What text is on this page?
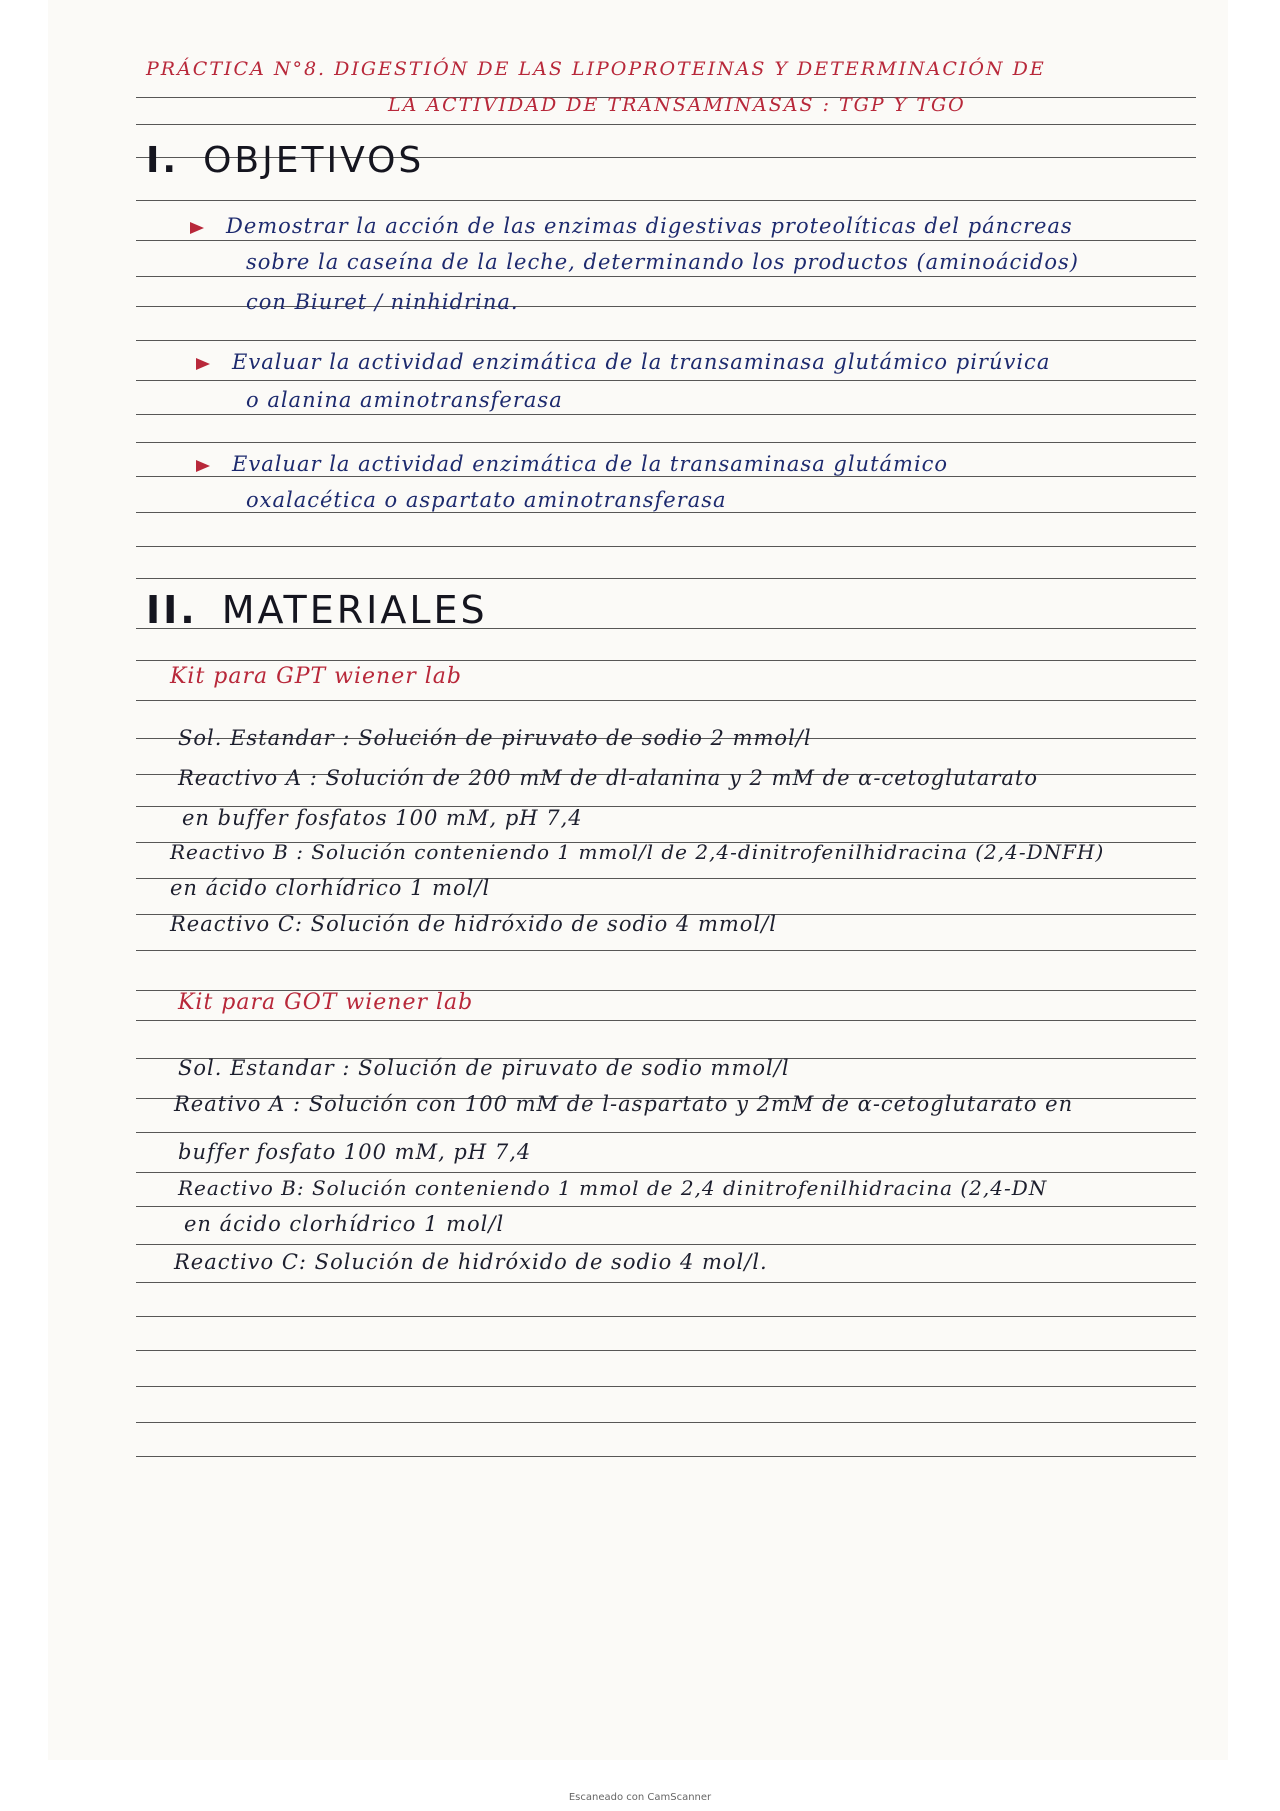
PRÁCTICA N°8. DIGESTIÓN DE LAS LIPOPROTEINAS Y DETERMINACIÓN DE
LA ACTIVIDAD DE TRANSAMINASAS : TGP Y TGO
I. OBJETIVOS
Demostrar la acción de las enzimas digestivas proteolíticas del páncreas
sobre la caseína de la leche, determinando los productos (aminoácidos)
con Biuret / ninhidrina.
Evaluar la actividad enzimática de la transaminasa glutámico pirúvica
o alanina aminotransferasa
Evaluar la actividad enzimática de la transaminasa glutámico
oxalacética o aspartato aminotransferasa
II. MATERIALES
Kit para GPT wiener lab
Sol. Estandar : Solución de piruvato de sodio 2 mmol/l
Reactivo A : Solución de 200 mM de dl-alanina y 2 mM de α-cetoglutarato
en buffer fosfatos 100 mM, pH 7,4
Reactivo B : Solución conteniendo 1 mmol/l de 2,4-dinitrofenilhidracina (2,4-DNFH)
en ácido clorhídrico 1 mol/l
Reactivo C: Solución de hidróxido de sodio 4 mmol/l
Kit para GOT wiener lab
Sol. Estandar : Solución de piruvato de sodio mmol/l
Reativo A : Solución con 100 mM de l-aspartato y 2mM de α-cetoglutarato en
buffer fosfato 100 mM, pH 7,4
Reactivo B: Solución conteniendo 1 mmol de 2,4 dinitrofenilhidracina (2,4-DN
en ácido clorhídrico 1 mol/l
Reactivo C: Solución de hidróxido de sodio 4 mol/l.
Escaneado con CamScanner
